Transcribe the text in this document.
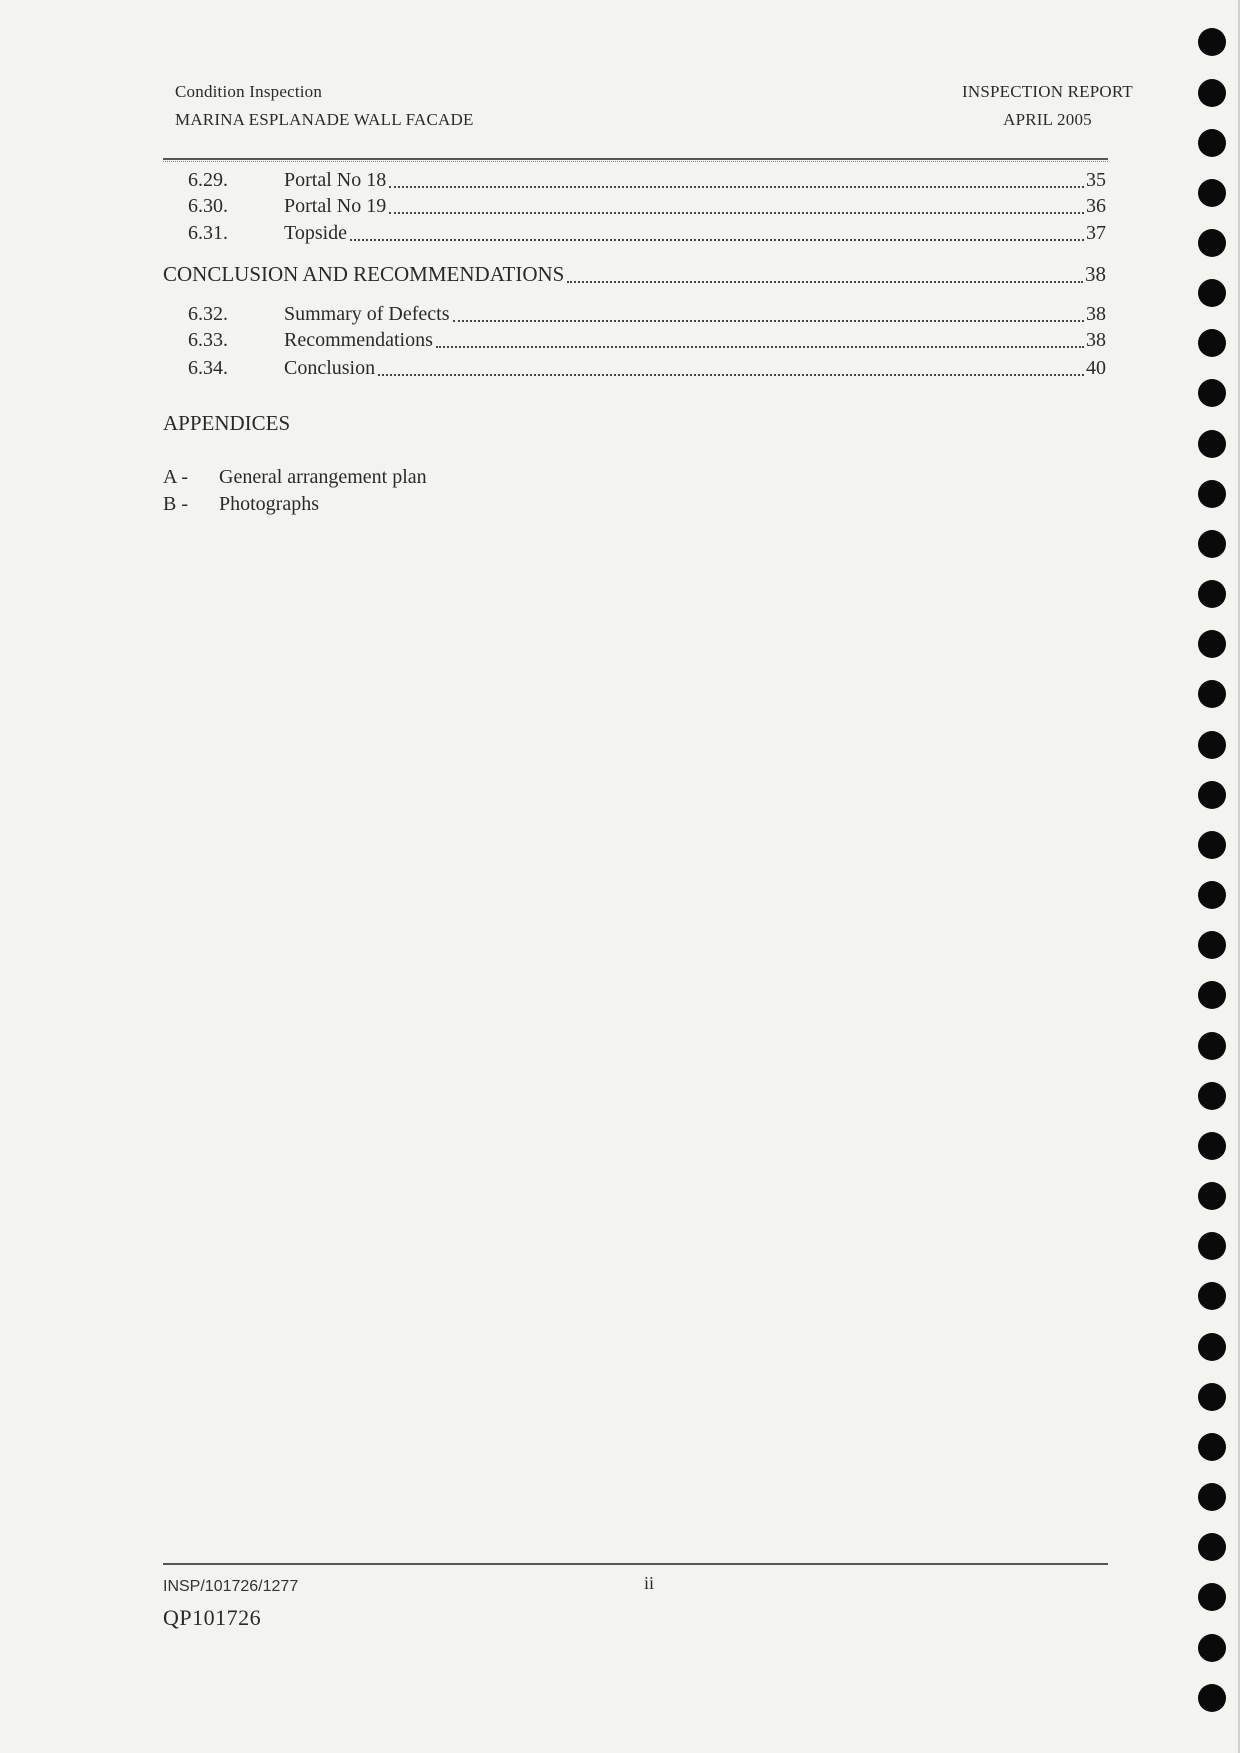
Condition Inspection
MARINA ESPLANADE WALL FACADE
INSPECTION REPORT
APRIL 2005
6.29.	Portal No 18	35
6.30.	Portal No 19	36
6.31.	Topside	37
CONCLUSION AND RECOMMENDATIONS	38
6.32.	Summary of Defects	38
6.33.	Recommendations	38
6.34.	Conclusion	40
APPENDICES
A -	General arrangement plan
B -	Photographs
INSP/101726/1277	ii
QP101726
